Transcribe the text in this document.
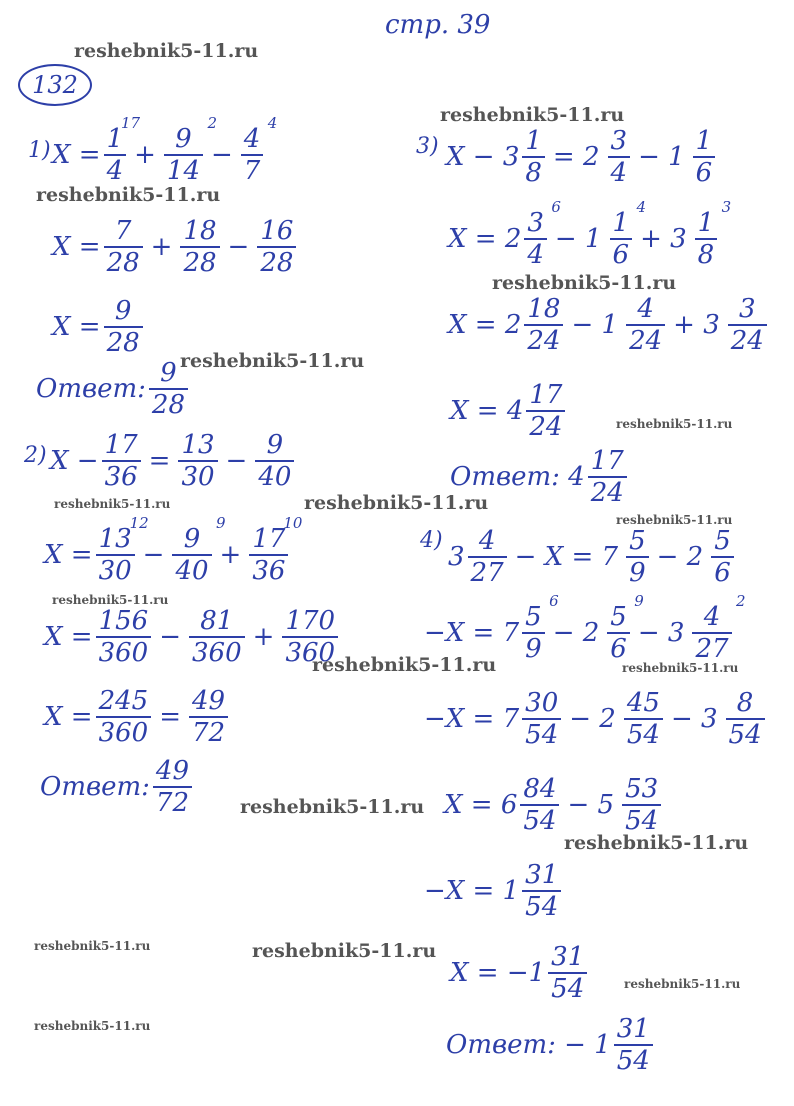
стр. 39
132
1) X =
1
4
17
+
9
14
2
−
4
7
4
$X = \frac{7}{28} + \frac{18}{28} - \frac{16}{28}$
$X = \frac{9}{28}$
Ответ: $\frac{9}{28}$
2) $X - \frac{17}{36} = \frac{13}{30} - \frac{9}{40}$
X =
13
30
12
−
9
40
9
+
17
36
10
$X = \frac{156}{360} - \frac{81}{360} + \frac{170}{360}$
$X = \frac{245}{360} = \frac{49}{72}$
Ответ: $\frac{49}{72}$
3) $X - 3 \frac{1}{8} = 2 \frac{3}{4} - 1 \frac{1}{6}$
X = 2
3
4
6
− 1
1
6
4
+ 3
1
8
3
$X = 2 \frac{18}{24} - 1 \frac{4}{24} + 3 \frac{3}{24}$
$X = 4 \frac{17}{24}$
Ответ: $4 \frac{17}{24}$
4)
$3 \frac{4}{27} - X = 7 \frac{5}{9} - 2 \frac{5}{6}$
−X = 7
5
9
6
− 2
5
6
9
− 3
4
27
2
$-X = 7 \frac{30}{54} - 2 \frac{45}{54} - 3 \frac{8}{54}$
$X = 6 \frac{84}{54} - 5 \frac{53}{54}$
$-X = 1 \frac{31}{54}$
$X = -1 \frac{31}{54}$
Ответ: − $1 \frac{31}{54}$
reshebnik5-11.ru
reshebnik5-11.ru
reshebnik5-11.ru
reshebnik5-11.ru
reshebnik5-11.ru
reshebnik5-11.ru
reshebnik5-11.ru	reshebnik5-11.ru
reshebnik5-11.ru
reshebnik5-11.ru
reshebnik5-11.ru	reshebnik5-11.ru
reshebnik5-11.ru
reshebnik5-11.ru
reshebnik5-11.ru	reshebnik5-11.ru
reshebnik5-11.ru
reshebnik5-11.ru
